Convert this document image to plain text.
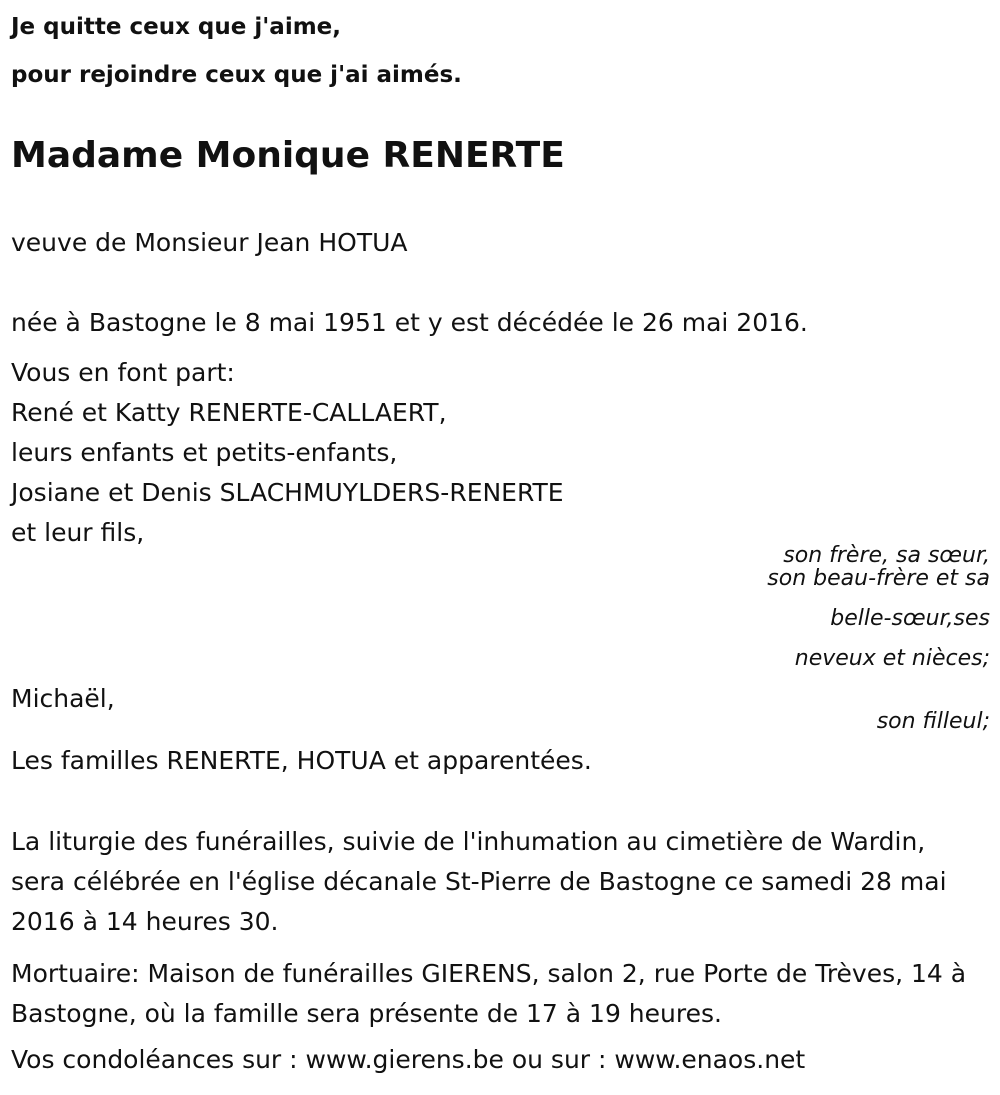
Je quitte ceux que j'aime,
pour rejoindre ceux que j'ai aimés.
Madame Monique RENERTE
veuve de Monsieur Jean HOTUA
née à Bastogne le 8 mai 1951 et y est décédée le 26 mai 2016.
Vous en font part:
René et Katty RENERTE-CALLAERT,
leurs enfants et petits-enfants,
Josiane et Denis SLACHMUYLDERS-RENERTE
et leur fils,
son frère, sa sœur,
son beau-frère et sa
belle-sœur,ses
neveux et nièces;
Michaël,
son filleul;
Les familles RENERTE, HOTUA et apparentées.
La liturgie des funérailles, suivie de l'inhumation au cimetière de Wardin, sera célébrée en l'église décanale St-Pierre de Bastogne ce samedi 28 mai 2016 à 14 heures 30.
Mortuaire: Maison de funérailles GIERENS, salon 2, rue Porte de Trèves, 14 à Bastogne, où la famille sera présente de 17 à 19 heures.
Vos condoléances sur : www.gierens.be ou sur : www.enaos.net
